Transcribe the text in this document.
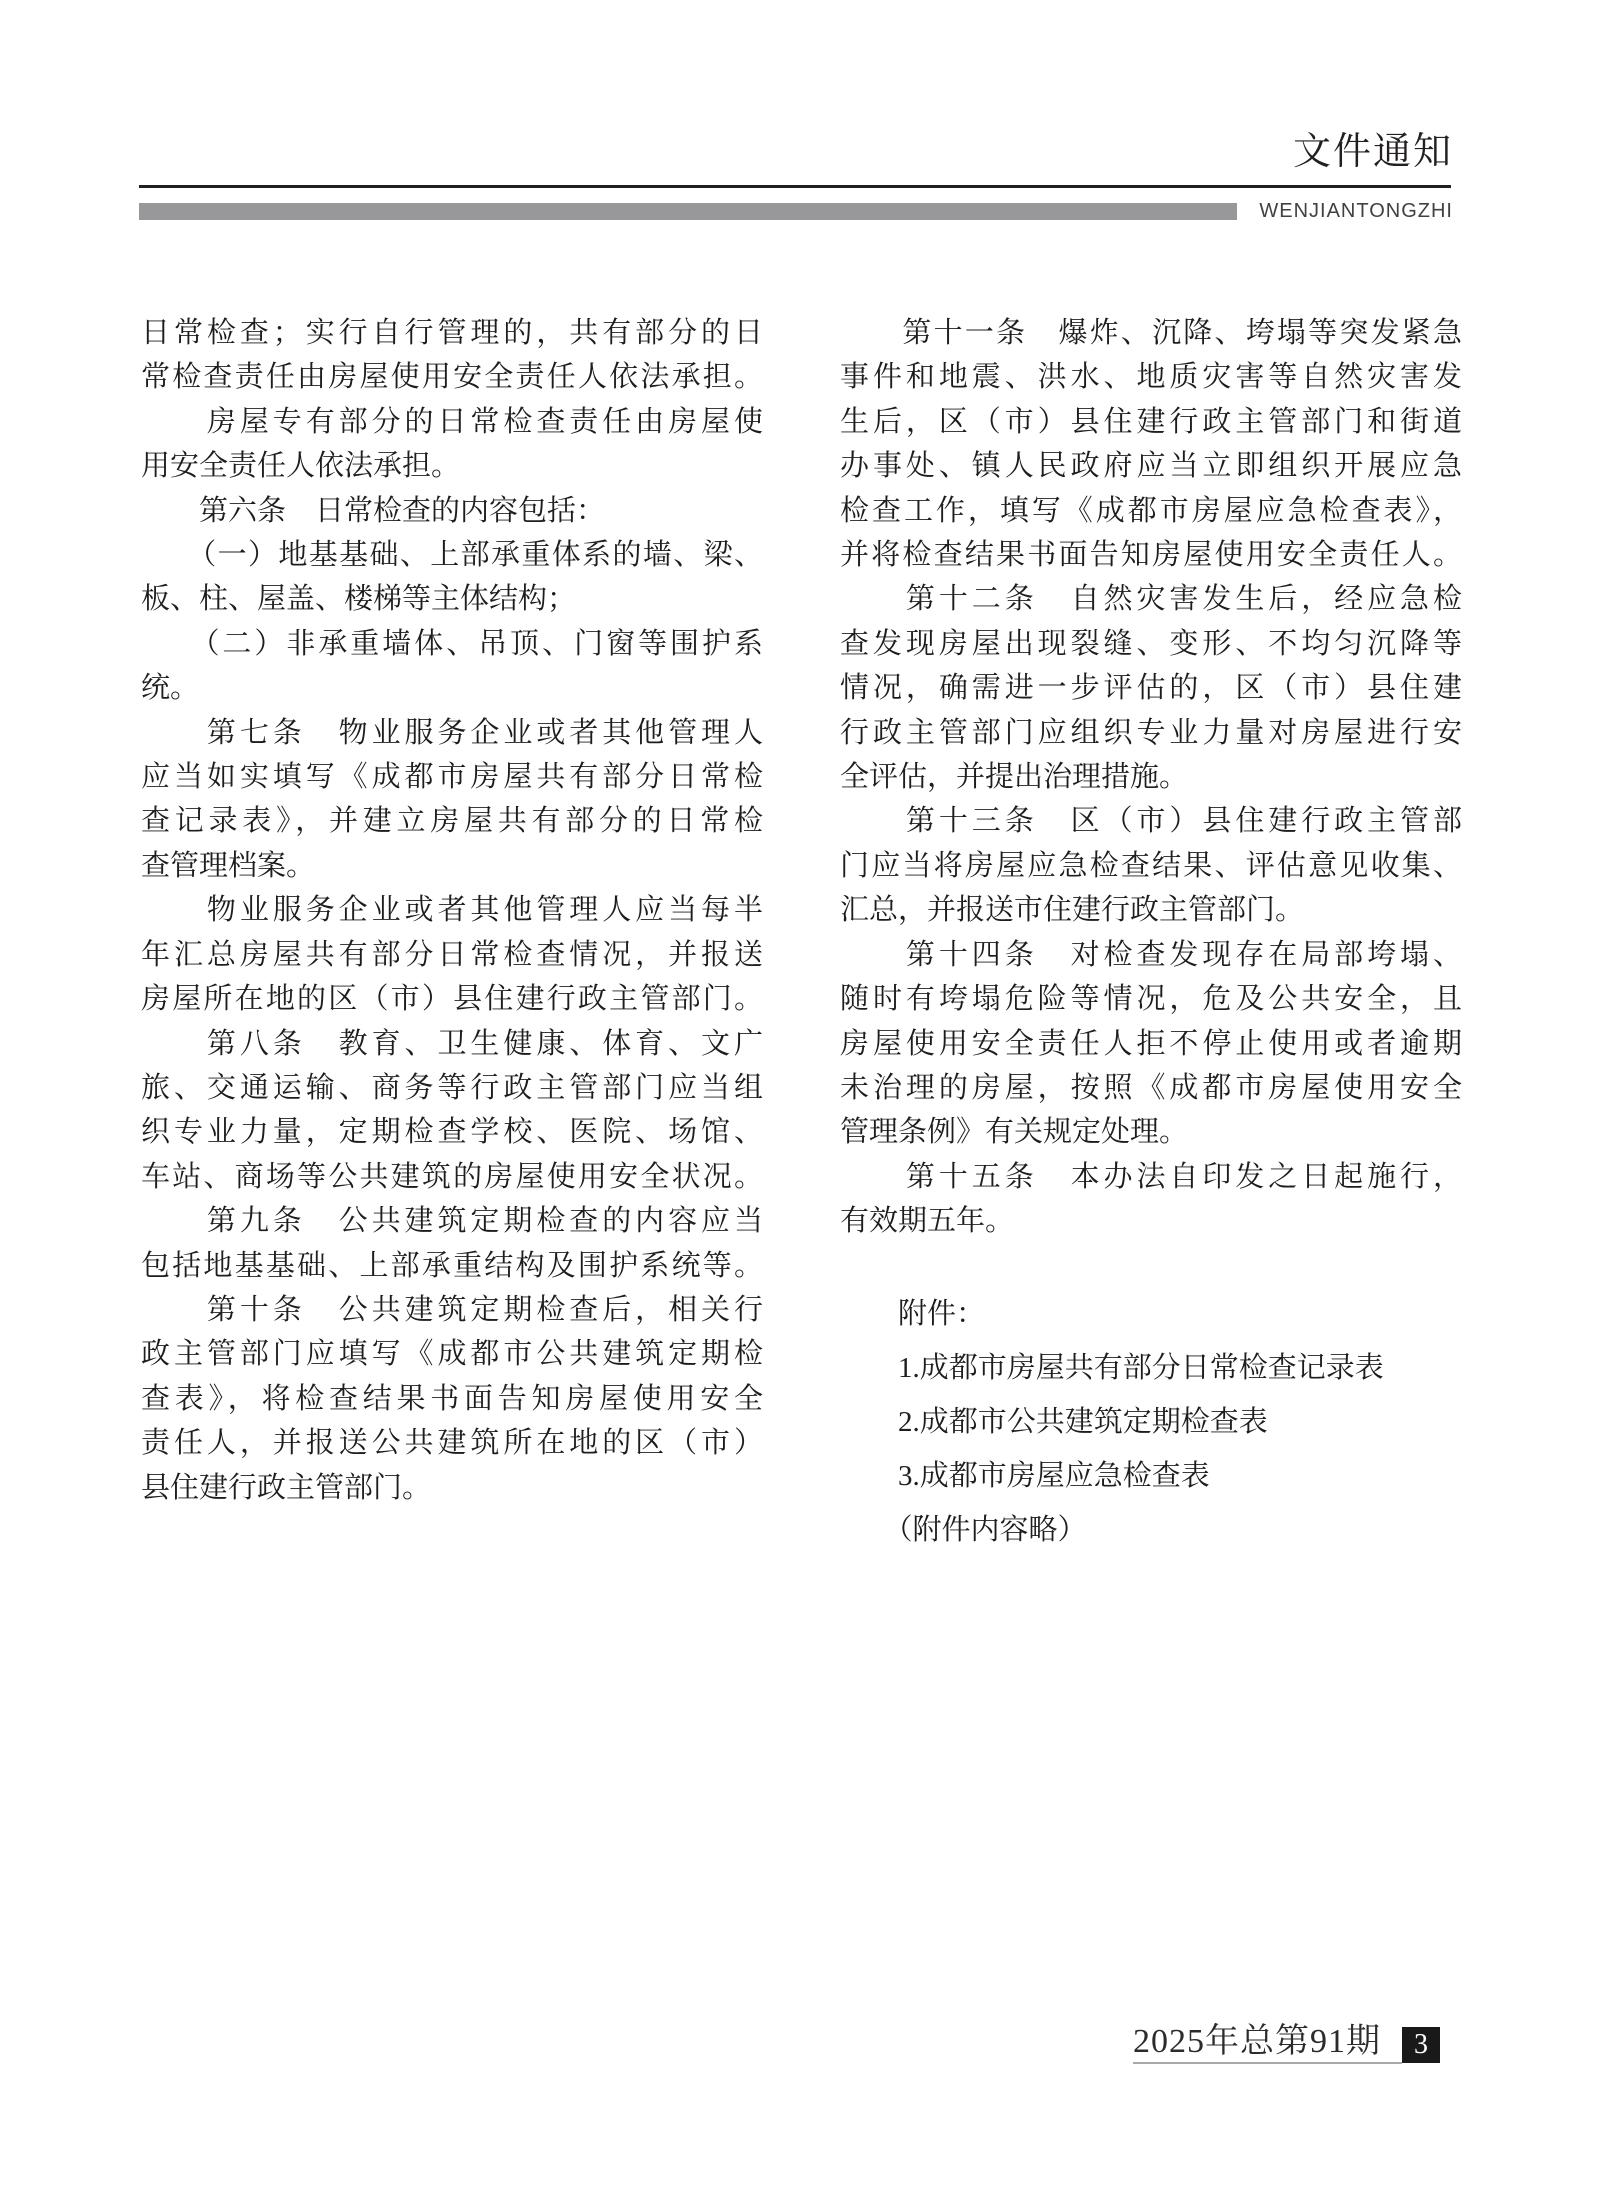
文件通知
WENJIANTONGZHI
日常检查；实行自行管理的，共有部分的日
常检查责任由房屋使用安全责任人依法承担。
　　房屋专有部分的日常检查责任由房屋使
用安全责任人依法承担。
　　第六条　日常检查的内容包括：
　　（一）地基基础、上部承重体系的墙、梁、
板、柱、屋盖、楼梯等主体结构；
　　（二）非承重墙体、吊顶、门窗等围护系
统。
　　第七条　物业服务企业或者其他管理人
应当如实填写《成都市房屋共有部分日常检
查记录表》，并建立房屋共有部分的日常检
查管理档案。
　　物业服务企业或者其他管理人应当每半
年汇总房屋共有部分日常检查情况，并报送
房屋所在地的区（市）县住建行政主管部门。
　　第八条　教育、卫生健康、体育、文广
旅、交通运输、商务等行政主管部门应当组
织专业力量，定期检查学校、医院、场馆、
车站、商场等公共建筑的房屋使用安全状况。
　　第九条　公共建筑定期检查的内容应当
包括地基基础、上部承重结构及围护系统等。
　　第十条　公共建筑定期检查后，相关行
政主管部门应填写《成都市公共建筑定期检
查表》，将检查结果书面告知房屋使用安全
责任人，并报送公共建筑所在地的区（市）
县住建行政主管部门。
　　第十一条　爆炸、沉降、垮塌等突发紧急
事件和地震、洪水、地质灾害等自然灾害发
生后，区（市）县住建行政主管部门和街道
办事处、镇人民政府应当立即组织开展应急
检查工作，填写《成都市房屋应急检查表》，
并将检查结果书面告知房屋使用安全责任人。
　　第十二条　自然灾害发生后，经应急检
查发现房屋出现裂缝、变形、不均匀沉降等
情况，确需进一步评估的，区（市）县住建
行政主管部门应组织专业力量对房屋进行安
全评估，并提出治理措施。
　　第十三条　区（市）县住建行政主管部
门应当将房屋应急检查结果、评估意见收集、
汇总，并报送市住建行政主管部门。
　　第十四条　对检查发现存在局部垮塌、
随时有垮塌危险等情况，危及公共安全，且
房屋使用安全责任人拒不停止使用或者逾期
未治理的房屋，按照《成都市房屋使用安全
管理条例》有关规定处理。
　　第十五条　本办法自印发之日起施行，
有效期五年。
　　附件：
　　1.成都市房屋共有部分日常检查记录表
　　2.成都市公共建筑定期检查表
　　3.成都市房屋应急检查表
　　（附件内容略）
2025年总第91期 3
